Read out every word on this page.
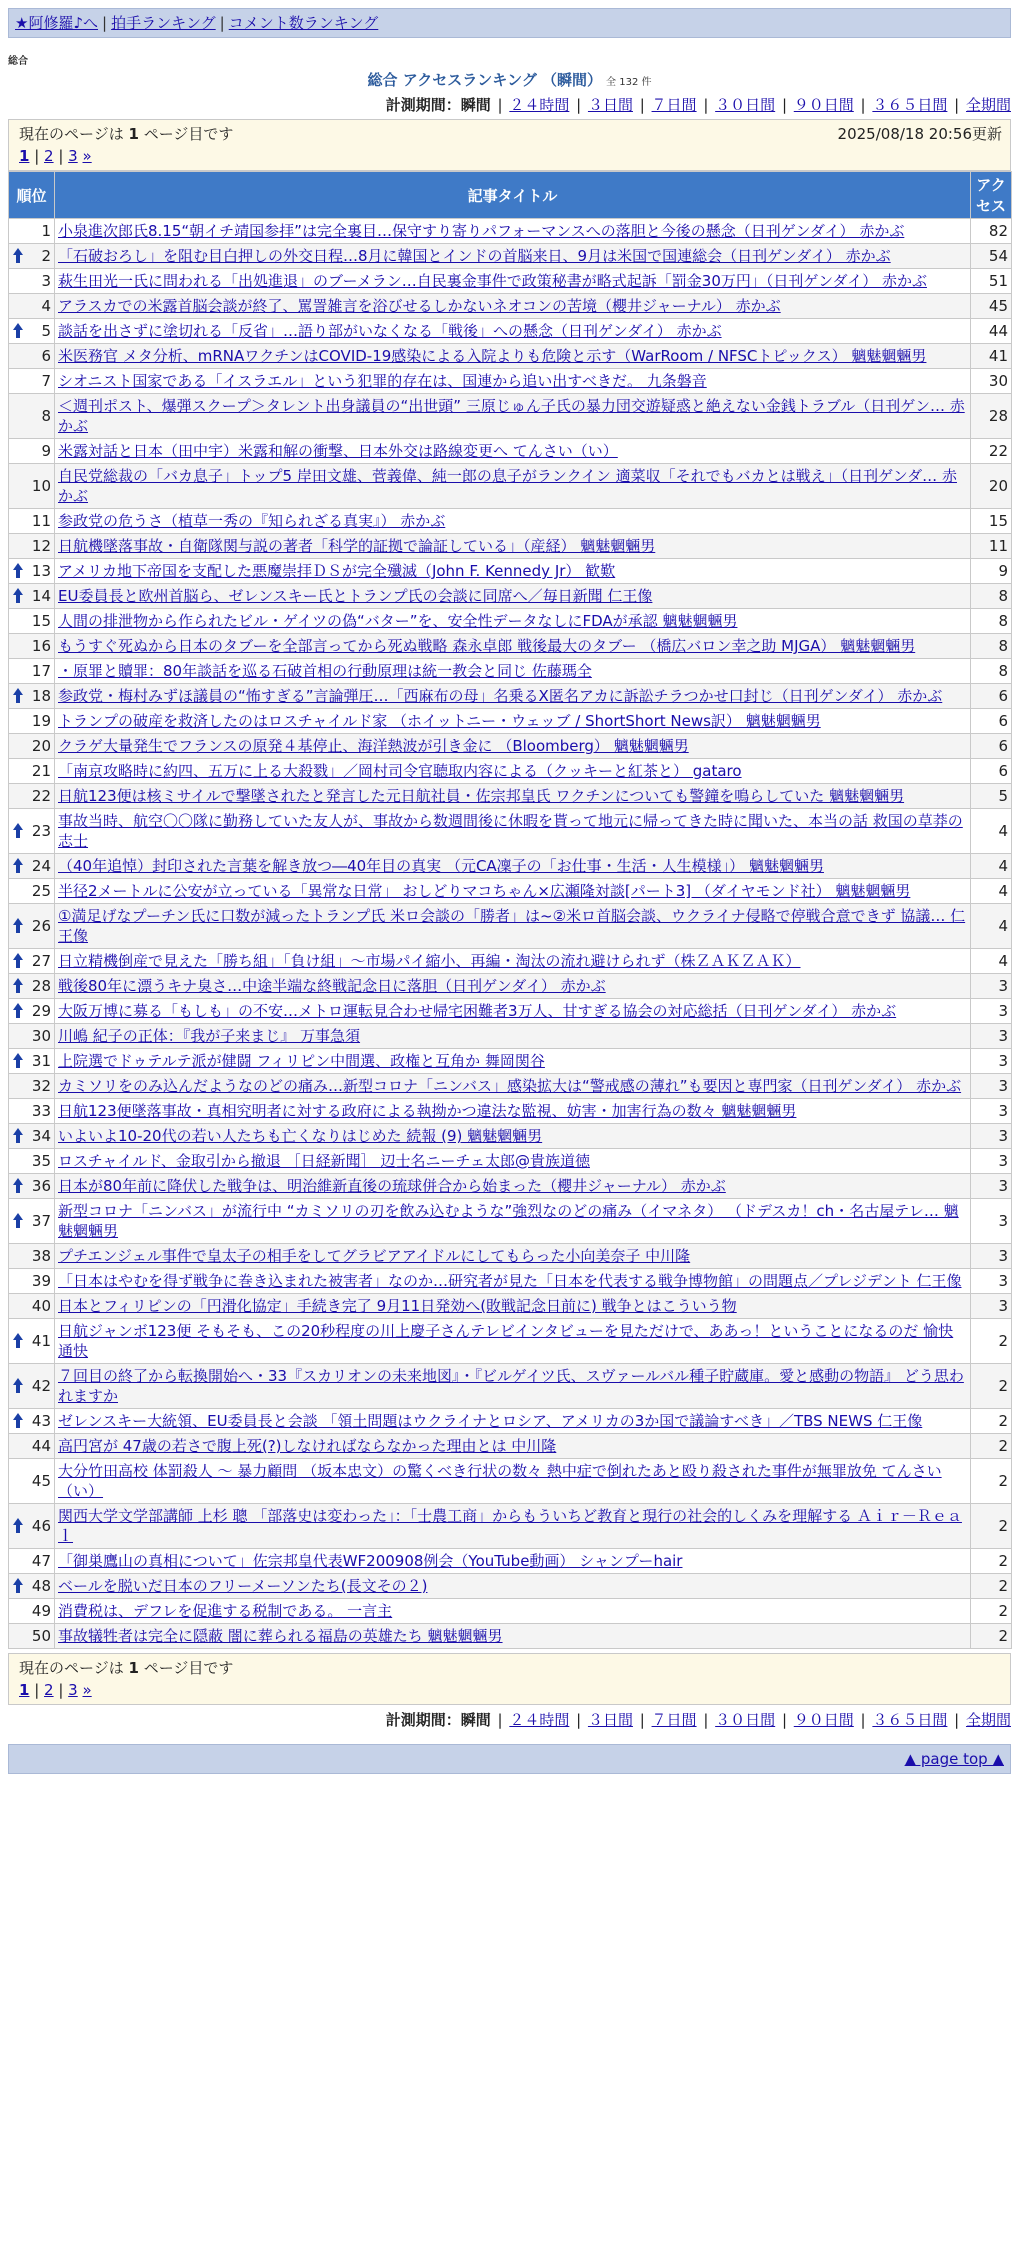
★阿修羅♪へ | 拍手ランキング | コメント数ランキング
総合
総合 アクセスランキング （瞬間） 全 132 件
計測期間：瞬間 | ２４時間 | ３日間 | ７日間 | ３０日間 | ９０日間 | ３６５日間 | 全期間
現在のページは 1 ページ目です	2025/08/18 20:56更新
1 | 2 | 3 »
順位	記事タイトル	アクセス
1	小泉進次郎氏8.15“朝イチ靖国参拝”は完全裏目…保守すり寄りパフォーマンスへの落胆と今後の懸念（日刊ゲンダイ） 赤かぶ	82

2	「石破おろし」を阻む目白押しの外交日程…8月に韓国とインドの首脳来日、9月は米国で国連総会（日刊ゲンダイ） 赤かぶ	54
3	萩生田光一氏に問われる「出処進退」のブーメラン…自民裏金事件で政策秘書が略式起訴「罰金30万円」（日刊ゲンダイ） 赤かぶ	51
4	アラスカでの米露首脳会談が終了、罵詈雑言を浴びせるしかないネオコンの苦境（櫻井ジャーナル） 赤かぶ	45

5	談話を出さずに塗切れる「反省」…語り部がいなくなる「戦後」への懸念（日刊ゲンダイ） 赤かぶ	44
6	米医務官 メタ分析、mRNAワクチンはCOVID-19感染による入院よりも危険と示す（WarRoom / NFSCトピックス） 魑魅魍魎男	41
7	シオニスト国家である「イスラエル」という犯罪的存在は、国連から追い出すべきだ。 九条磐音	30
8	＜週刊ポスト、爆弾スクープ＞タレント出身議員の“出世頭” 三原じゅん子氏の暴力団交遊疑惑と絶えない金銭トラブル（日刊ゲン… 赤かぶ	28
9	米露対話と日本（田中宇）米露和解の衝撃、日本外交は路線変更へ てんさい（い）	22
10	自民党総裁の「バカ息子」トップ5 岸田文雄、菅義偉、純一郎の息子がランクイン 適菜収「それでもバカとは戦え」（日刊ゲンダ… 赤かぶ	20
11	参政党の危うさ（植草一秀の『知られざる真実』） 赤かぶ	15
12	日航機墜落事故・自衛隊関与説の著者「科学的証拠で論証している」（産経） 魑魅魍魎男	11

13	アメリカ地下帝国を支配した悪魔崇拝ＤＳが完全殲滅（John F. Kennedy Jr） 歓歎	9

14	EU委員長と欧州首脳ら、ゼレンスキー氏とトランプ氏の会談に同席へ／毎日新聞 仁王像	8
15	人間の排泄物から作られたビル・ゲイツの偽“バター”を、安全性データなしにFDAが承認 魑魅魍魎男	8
16	もうすぐ死ぬから日本のタブーを全部言ってから死ぬ戦略 森永卓郎 戦後最大のタブー （橋広バロン幸之助 MJGA） 魑魅魍魎男	8
17	・原罪と贖罪：80年談話を巡る石破首相の行動原理は統一教会と同じ 佐藤瑪全	8

18	参政党・梅村みずほ議員の“怖すぎる”言論弾圧…「西麻布の母」名乗るX匿名アカに訴訟チラつかせ口封じ（日刊ゲンダイ） 赤かぶ	6
19	トランプの破産を救済したのはロスチャイルド家 （ホイットニー・ウェッブ / ShortShort News訳） 魑魅魍魎男	6
20	クラゲ大量発生でフランスの原発４基停止、海洋熱波が引き金に （Bloomberg） 魑魅魍魎男	6
21	「南京攻略時に約四、五万に上る大殺戮」／岡村司令官聴取内容による（クッキーと紅茶と） gataro	6
22	日航123便は核ミサイルで撃墜されたと発言した元日航社員・佐宗邦皇氏 ワクチンについても警鐘を鳴らしていた 魑魅魍魎男	5

23	事故当時、航空〇〇隊に勤務していた友人が、事故から数週間後に休暇を貰って地元に帰ってきた時に聞いた、本当の話 救国の草莽の志士	4

24	（40年追悼）封印された言葉を解き放つ―40年目の真実 （元CA凜子の「お仕事・生活・人生模様」） 魑魅魍魎男	4
25	半径2メートルに公安が立っている「異常な日常」 おしどりマコちゃん×広瀬隆対談[パート3] （ダイヤモンド社） 魑魅魍魎男	4

26	①満足げなプーチン氏に口数が減ったトランプ氏 米ロ会談の「勝者」は~②米ロ首脳会談、ウクライナ侵略で停戦合意できず 協議… 仁王像	4

27	日立精機倒産で見えた「勝ち組」「負け組」～市場パイ縮小、再編・淘汰の流れ避けられず（株ＺＡＫＺＡＫ）	4

28	戦後80年に漂うキナ臭さ…中途半端な終戦記念日に落胆（日刊ゲンダイ） 赤かぶ	3

29	大阪万博に募る「もしも」の不安…メトロ運転見合わせ帰宅困難者3万人、甘すぎる協会の対応総括（日刊ゲンダイ） 赤かぶ	3
30	川嶋 紀子の正体：『我が子来まじ』 万事急須	3

31	上院選でドゥテルテ派が健闘 フィリピン中間選、政権と互角か 舞岡関谷	3
32	カミソリをのみ込んだようなのどの痛み…新型コロナ「ニンバス」感染拡大は“警戒感の薄れ”も要因と専門家（日刊ゲンダイ） 赤かぶ	3
33	日航123便墜落事故・真相究明者に対する政府による執拗かつ違法な監視、妨害・加害行為の数々 魑魅魍魎男	3

34	いよいよ10-20代の若い人たちも亡くなりはじめた 続報 (9) 魑魅魍魎男	3
35	ロスチャイルド、金取引から撤退 ［日経新聞］ 辺士名ニーチェ太郎@貴族道徳	3

36	日本が80年前に降伏した戦争は、明治維新直後の琉球併合から始まった（櫻井ジャーナル） 赤かぶ	3

37	新型コロナ「ニンバス」が流行中 “カミソリの刃を飲み込むような”強烈なのどの痛み（イマネタ） （ドデスカ！ch・名古屋テレ… 魑魅魍魎男	3
38	プチエンジェル事件で皇太子の相手をしてグラビアアイドルにしてもらった小向美奈子 中川隆	3
39	「日本はやむを得ず戦争に巻き込まれた被害者」なのか…研究者が見た「日本を代表する戦争博物館」の問題点／プレジデント 仁王像	3
40	日本とフィリピンの「円滑化協定」手続き完了 9月11日発効へ(敗戦記念日前に) 戦争とはこういう物	3

41	日航ジャンボ123便 そもそも、この20秒程度の川上慶子さんテレビインタビューを見ただけで、ああっ！ということになるのだ 愉快通快	2

42	７回目の終了から転換開始へ・33『スカリオンの未来地図』・『ビルゲイツ氏、スヴァールバル種子貯蔵庫。愛と感動の物語』 どう思われますか	2

43	ゼレンスキー大統領、EU委員長と会談 「領土問題はウクライナとロシア、アメリカの3か国で議論すべき」／TBS NEWS 仁王像	2
44	高円宮が 47歳の若さで腹上死(?)しなければならなかった理由とは 中川隆	2
45	大分竹田高校 体罰殺人 ～ 暴力顧問 （坂本忠文）の驚くべき行状の数々 熱中症で倒れたあと殴り殺された事件が無罪放免 てんさい（い）	2

46	関西大学文学部講師 上杉 聰 「部落史は変わった」：「士農工商」からもういちど教育と現行の社会的しくみを理解する Ａｉｒ－Ｒｅａｌ	2
47	「御巣鷹山の真相について」佐宗邦皇代表WF200908例会（YouTube動画） シャンプーhair	2

48	ベールを脱いだ日本のフリーメーソンたち(長文その２)	2
49	消費税は、デフレを促進する税制である。 一言主	2
50	事故犠牲者は完全に隠蔽 闇に葬られる福島の英雄たち 魑魅魍魎男	2
現在のページは 1 ページ目です
1 | 2 | 3 »
計測期間：瞬間 | ２４時間 | ３日間 | ７日間 | ３０日間 | ９０日間 | ３６５日間 | 全期間
▲ page top ▲
